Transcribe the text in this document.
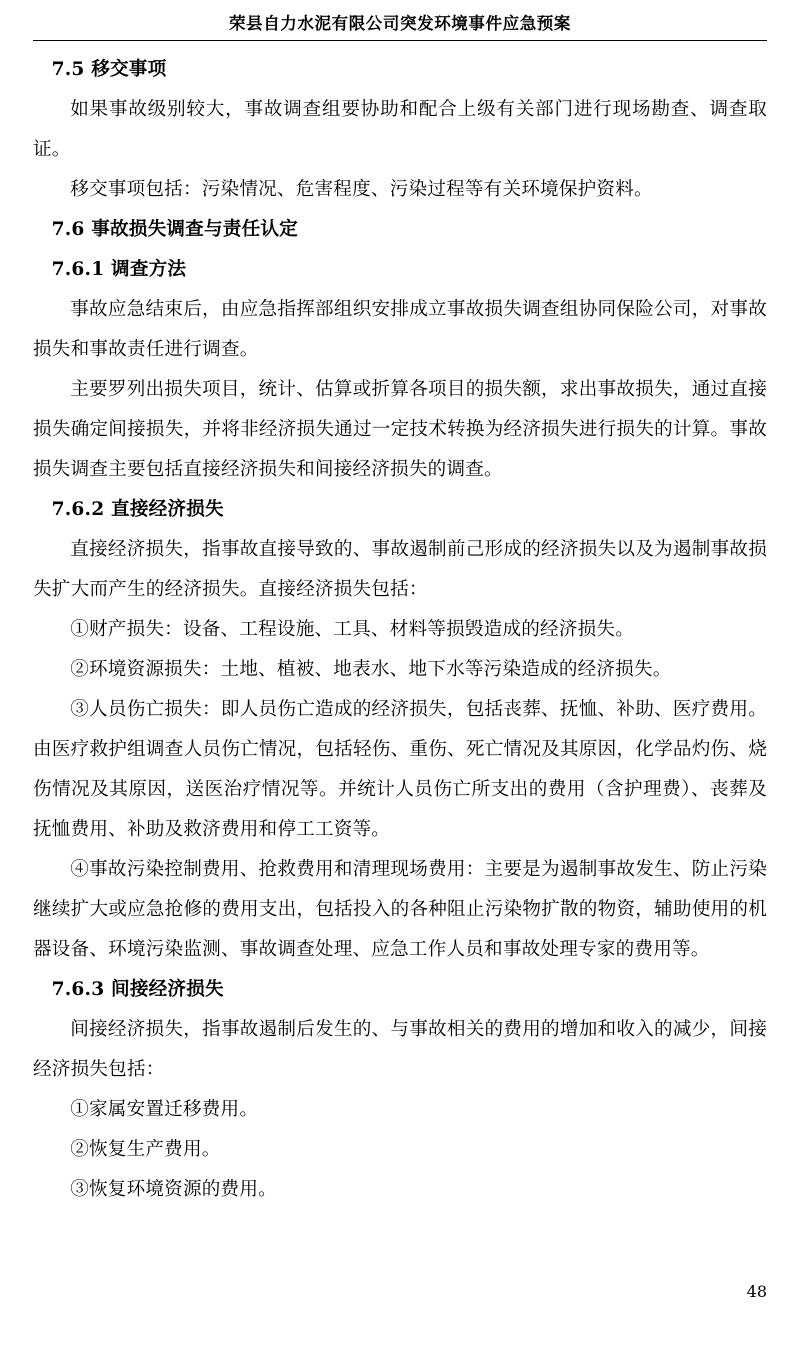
荣县自力水泥有限公司突发环境事件应急预案

7.5 移交事项

如果事故级别较大，事故调查组要协助和配合上级有关部门进行现场勘查、调查取证。

移交事项包括：污染情况、危害程度、污染过程等有关环境保护资料。

7.6 事故损失调查与责任认定

7.6.1 调查方法

事故应急结束后，由应急指挥部组织安排成立事故损失调查组协同保险公司，对事故损失和事故责任进行调查。

主要罗列出损失项目，统计、估算或折算各项目的损失额，求出事故损失，通过直接损失确定间接损失，并将非经济损失通过一定技术转换为经济损失进行损失的计算。事故损失调查主要包括直接经济损失和间接经济损失的调查。

7.6.2 直接经济损失

直接经济损失，指事故直接导致的、事故遏制前己形成的经济损失以及为遏制事故损失扩大而产生的经济损失。直接经济损失包括：

①财产损失：设备、工程设施、工具、材料等损毁造成的经济损失。

②环境资源损失：土地、植被、地表水、地下水等污染造成的经济损失。

③人员伤亡损失：即人员伤亡造成的经济损失，包括丧葬、抚恤、补助、医疗费用。由医疗救护组调查人员伤亡情况，包括轻伤、重伤、死亡情况及其原因，化学品灼伤、烧伤情况及其原因，送医治疗情况等。并统计人员伤亡所支出的费用（含护理费）、丧葬及抚恤费用、补助及救济费用和停工工资等。

④事故污染控制费用、抢救费用和清理现场费用：主要是为遏制事故发生、防止污染继续扩大或应急抢修的费用支出，包括投入的各种阻止污染物扩散的物资，辅助使用的机器设备、环境污染监测、事故调查处理、应急工作人员和事故处理专家的费用等。

7.6.3 间接经济损失

间接经济损失，指事故遏制后发生的、与事故相关的费用的增加和收入的减少，间接经济损失包括：

①家属安置迁移费用。

②恢复生产费用。

③恢复环境资源的费用。

48
